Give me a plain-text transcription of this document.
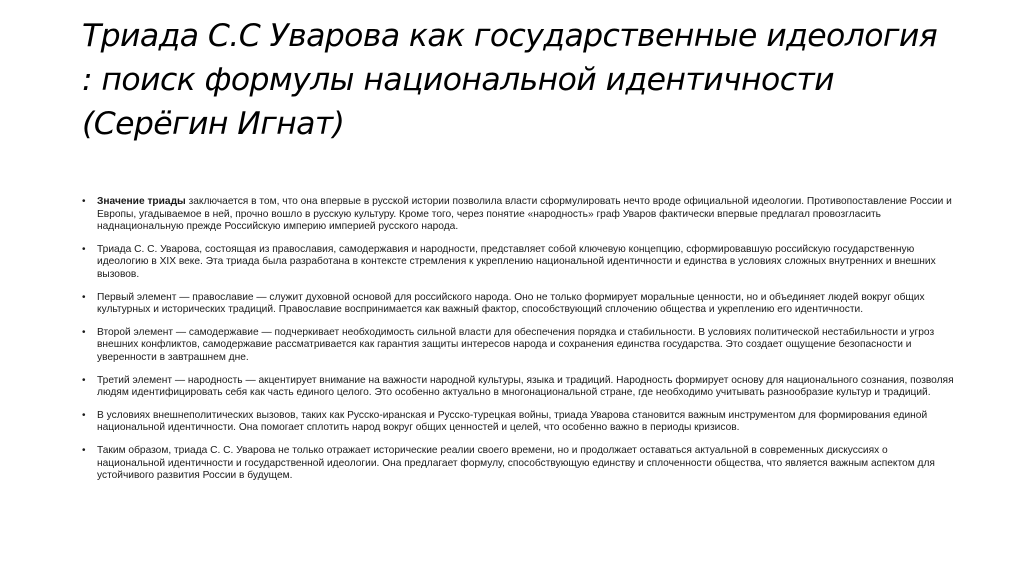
Триада С.С Уварова как государственные идеология : поиск формулы национальной идентичности (Серёгин Игнат)
• Значение триады заключается в том, что она впервые в русской истории позволила власти сформулировать нечто вроде официальной идеологии. Противопоставление России и Европы, угадываемое в ней, прочно вошло в русскую культуру. Кроме того, через понятие «народность» граф Уваров фактически впервые предлагал провозгласить наднациональную прежде Российскую империю империей русского народа.
• Триада С. С. Уварова, состоящая из православия, самодержавия и народности, представляет собой ключевую концепцию, сформировавшую российскую государственную идеологию в XIX веке. Эта триада была разработана в контексте стремления к укреплению национальной идентичности и единства в условиях сложных внутренних и внешних вызовов.
• Первый элемент — православие — служит духовной основой для российского народа. Оно не только формирует моральные ценности, но и объединяет людей вокруг общих культурных и исторических традиций. Православие воспринимается как важный фактор, способствующий сплочению общества и укреплению его идентичности.
• Второй элемент — самодержавие — подчеркивает необходимость сильной власти для обеспечения порядка и стабильности. В условиях политической нестабильности и угроз внешних конфликтов, самодержавие рассматривается как гарантия защиты интересов народа и сохранения единства государства. Это создает ощущение безопасности и уверенности в завтрашнем дне.
• Третий элемент — народность — акцентирует внимание на важности народной культуры, языка и традиций. Народность формирует основу для национального сознания, позволяя людям идентифицировать себя как часть единого целого. Это особенно актуально в многонациональной стране, где необходимо учитывать разнообразие культур и традиций.
• В условиях внешнеполитических вызовов, таких как Русско-иранская и Русско-турецкая войны, триада Уварова становится важным инструментом для формирования единой национальной идентичности. Она помогает сплотить народ вокруг общих ценностей и целей, что особенно важно в периоды кризисов.
• Таким образом, триада С. С. Уварова не только отражает исторические реалии своего времени, но и продолжает оставаться актуальной в современных дискуссиях о национальной идентичности и государственной идеологии. Она предлагает формулу, способствующую единству и сплоченности общества, что является важным аспектом для устойчивого развития России в будущем.
